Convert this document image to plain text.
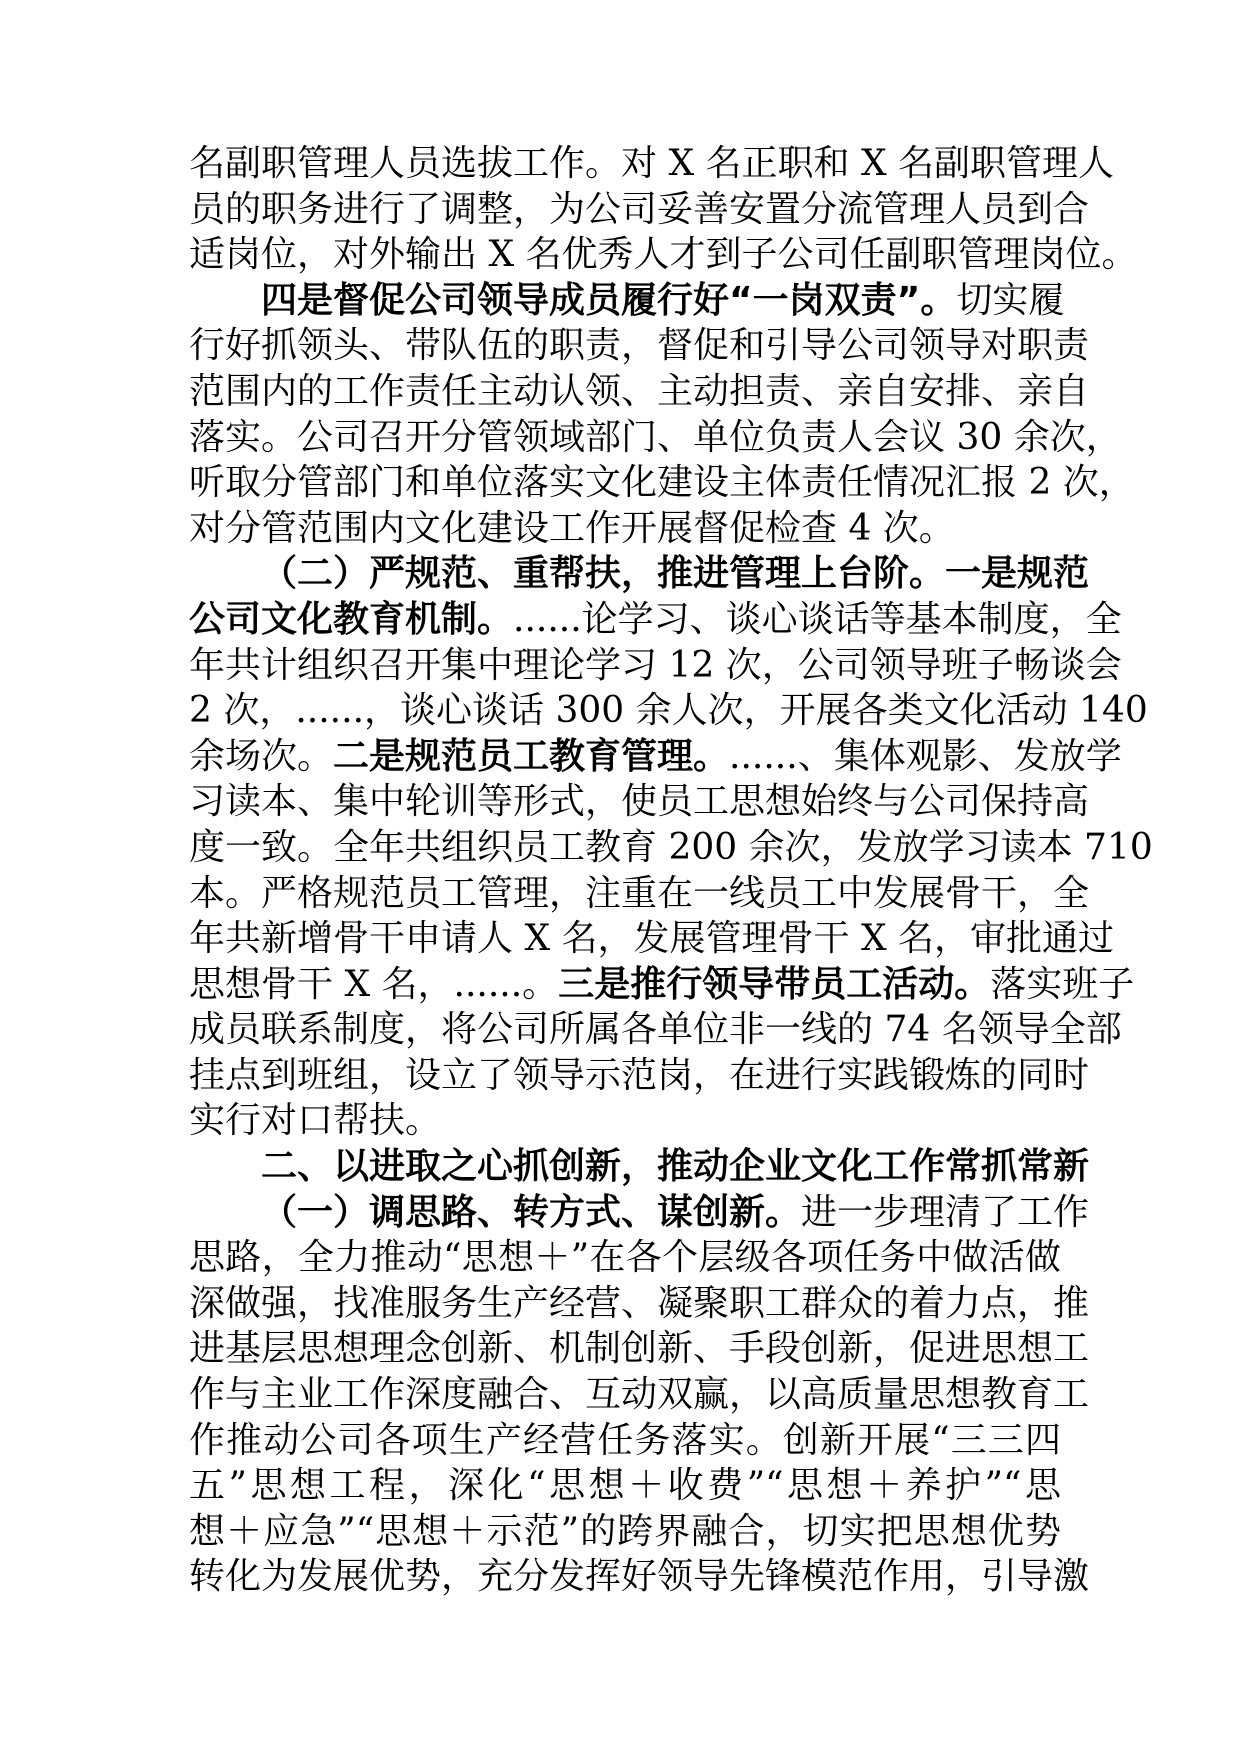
名副职管理人员选拔工作。对 X 名正职和 X 名副职管理人
员的职务进行了调整，为公司妥善安置分流管理人员到合
适岗位，对外输出 X 名优秀人才到子公司任副职管理岗位。
四是督促公司领导成员履行好“一岗双责”。切实履
行好抓领头、带队伍的职责，督促和引导公司领导对职责
范围内的工作责任主动认领、主动担责、亲自安排、亲自
落实。公司召开分管领域部门、单位负责人会议 30 余次，
听取分管部门和单位落实文化建设主体责任情况汇报 2 次，
对分管范围内文化建设工作开展督促检查 4 次。
（二）严规范、重帮扶，推进管理上台阶。一是规范
公司文化教育机制。......论学习、谈心谈话等基本制度，全
年共计组织召开集中理论学习 12 次，公司领导班子畅谈会
2 次，......，谈心谈话 300 余人次，开展各类文化活动 140
余场次。二是规范员工教育管理。......、集体观影、发放学
习读本、集中轮训等形式，使员工思想始终与公司保持高
度一致。全年共组织员工教育 200 余次，发放学习读本 710
本。严格规范员工管理，注重在一线员工中发展骨干，全
年共新增骨干申请人 X 名，发展管理骨干 X 名，审批通过
思想骨干 X 名，......。三是推行领导带员工活动。落实班子
成员联系制度，将公司所属各单位非一线的 74 名领导全部
挂点到班组，设立了领导示范岗，在进行实践锻炼的同时
实行对口帮扶。
二、以进取之心抓创新，推动企业文化工作常抓常新
（一）调思路、转方式、谋创新。进一步理清了工作
思路，全力推动“思想＋”在各个层级各项任务中做活做
深做强，找准服务生产经营、凝聚职工群众的着力点，推
进基层思想理念创新、机制创新、手段创新，促进思想工
作与主业工作深度融合、互动双赢，以高质量思想教育工
作推动公司各项生产经营任务落实。创新开展“三三四
五”思想工程，深化“思想＋收费”“思想＋养护”“思
想＋应急”“思想＋示范”的跨界融合，切实把思想优势
转化为发展优势，充分发挥好领导先锋模范作用，引导激
